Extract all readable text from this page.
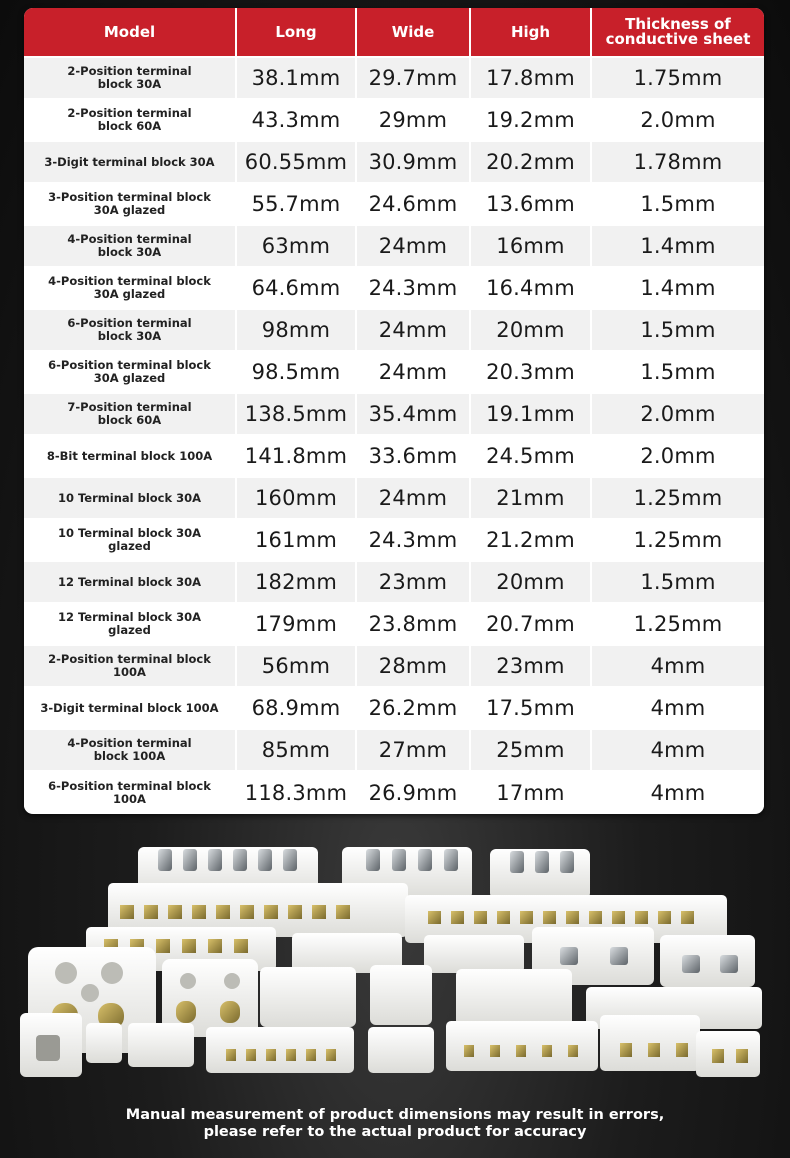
Model	Long	Wide	High	Thickness of
conductive sheet
2-Position terminal
block 30A	38.1mm	29.7mm	17.8mm	1.75mm
2-Position terminal
block 60A	43.3mm	29mm	19.2mm	2.0mm
3-Digit terminal block 30A	60.55mm	30.9mm	20.2mm	1.78mm
3-Position terminal block
30A glazed	55.7mm	24.6mm	13.6mm	1.5mm
4-Position terminal
block 30A	63mm	24mm	16mm	1.4mm
4-Position terminal block
30A glazed	64.6mm	24.3mm	16.4mm	1.4mm
6-Position terminal
block 30A	98mm	24mm	20mm	1.5mm
6-Position terminal block
30A glazed	98.5mm	24mm	20.3mm	1.5mm
7-Position terminal
block 60A	138.5mm	35.4mm	19.1mm	2.0mm
8-Bit terminal block 100A	141.8mm	33.6mm	24.5mm	2.0mm
10 Terminal block 30A	160mm	24mm	21mm	1.25mm
10 Terminal block 30A glazed	161mm	24.3mm	21.2mm	1.25mm
12 Terminal block 30A	182mm	23mm	20mm	1.5mm
12 Terminal block 30A glazed	179mm	23.8mm	20.7mm	1.25mm
2-Position terminal block
100A	56mm	28mm	23mm	4mm
3-Digit terminal block 100A	68.9mm	26.2mm	17.5mm	4mm
4-Position terminal
block 100A	85mm	27mm	25mm	4mm
6-Position terminal block
100A	118.3mm	26.9mm	17mm	4mm
Manual measurement of product dimensions may result in errors,
please refer to the actual product for accuracy
